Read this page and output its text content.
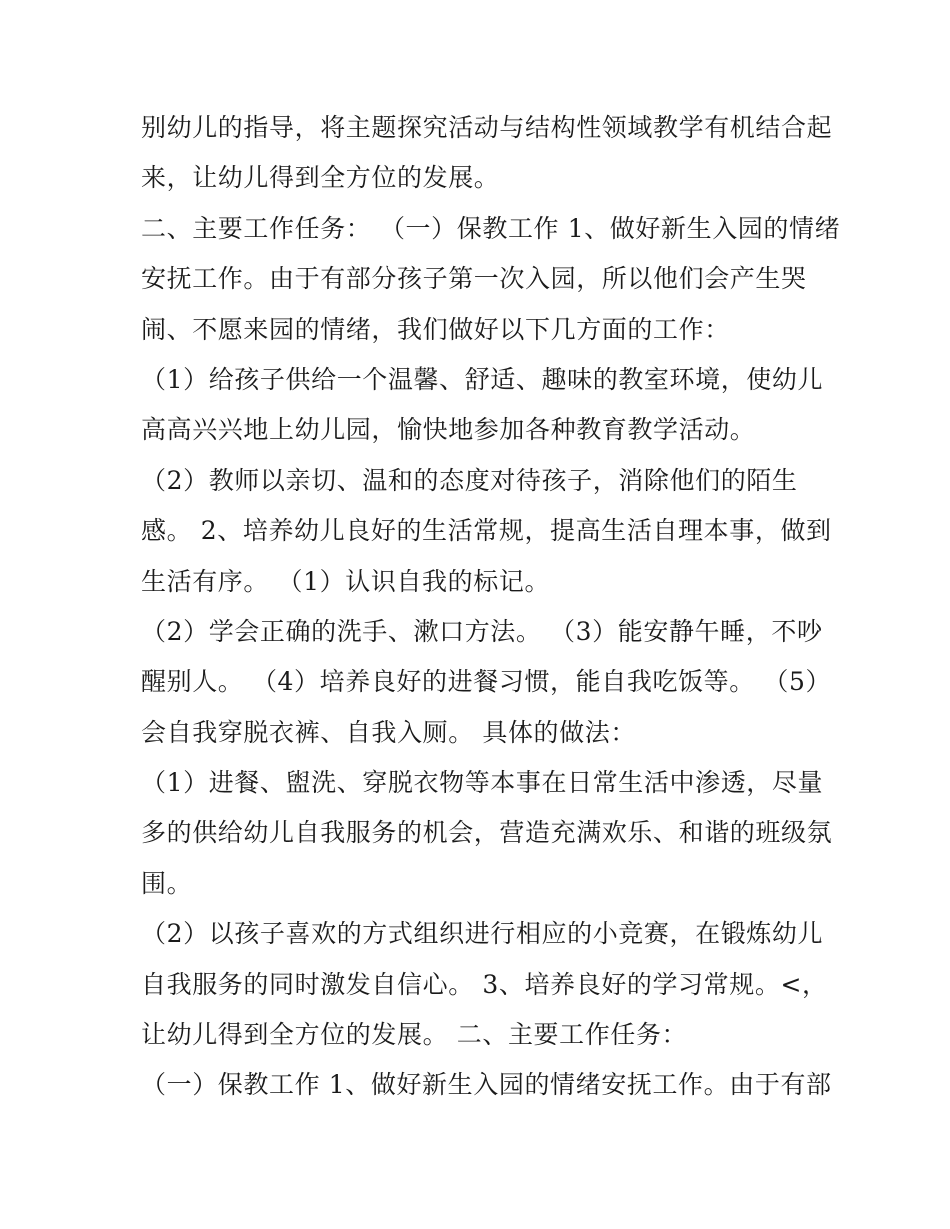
别幼儿的指导，将主题探究活动与结构性领域教学有机结合起
来，让幼儿得到全方位的发展。
二、主要工作任务： （一）保教工作 1、做好新生入园的情绪
安抚工作。由于有部分孩子第一次入园，所以他们会产生哭
闹、不愿来园的情绪，我们做好以下几方面的工作：
（1）给孩子供给一个温馨、舒适、趣味的教室环境，使幼儿
高高兴兴地上幼儿园，愉快地参加各种教育教学活动。
（2）教师以亲切、温和的态度对待孩子，消除他们的陌生
感。 2、培养幼儿良好的生活常规，提高生活自理本事，做到
生活有序。 （1）认识自我的标记。
（2）学会正确的洗手、漱口方法。 （3）能安静午睡，不吵
醒别人。 （4）培养良好的进餐习惯，能自我吃饭等。 （5）
会自我穿脱衣裤、自我入厕。 具体的做法：
（1）进餐、盥洗、穿脱衣物等本事在日常生活中渗透，尽量
多的供给幼儿自我服务的机会，营造充满欢乐、和谐的班级氛
围。
（2）以孩子喜欢的方式组织进行相应的小竞赛，在锻炼幼儿
自我服务的同时激发自信心。 3、培养良好的学习常规。<，
让幼儿得到全方位的发展。 二、主要工作任务：
（一）保教工作 1、做好新生入园的情绪安抚工作。由于有部
